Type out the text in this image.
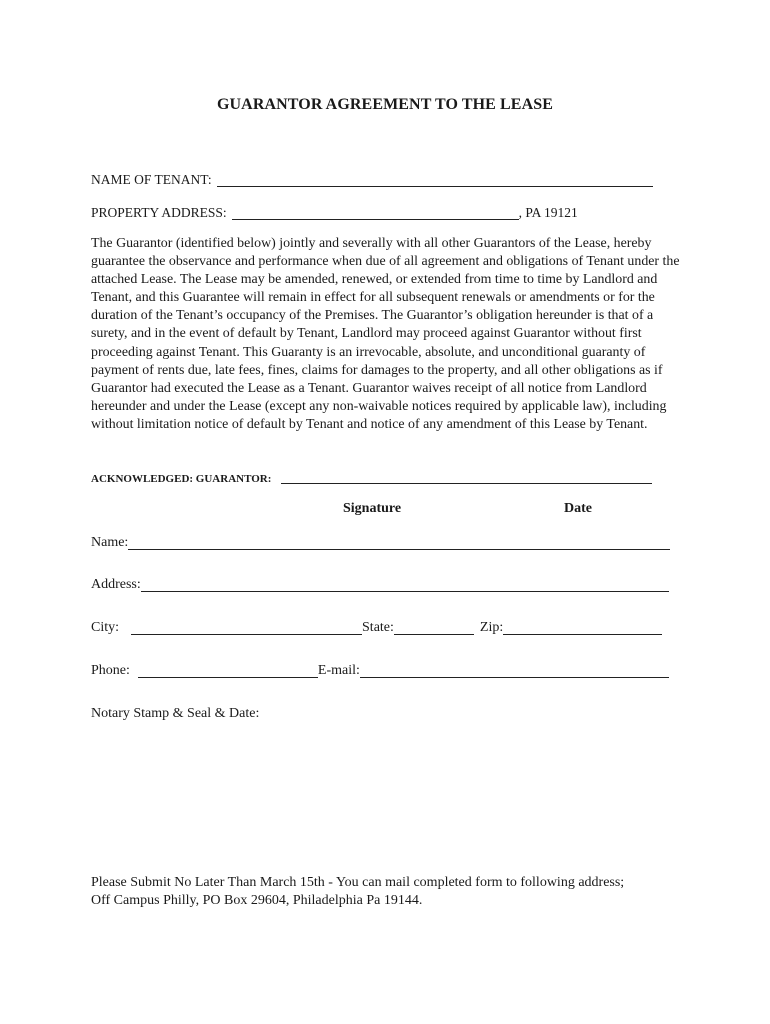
GUARANTOR AGREEMENT TO THE LEASE
NAME OF TENANT:
PROPERTY ADDRESS:	, PA 19121
The Guarantor (identified below) jointly and severally with all other Guarantors of the Lease, hereby guarantee the observance and performance when due of all agreement and obligations of Tenant under the attached Lease. The Lease may be amended, renewed, or extended from time to time by Landlord and Tenant, and this Guarantee will remain in effect for all subsequent renewals or amendments or for the duration of the Tenant’s occupancy of the Premises. The Guarantor’s obligation hereunder is that of a surety, and in the event of default by Tenant, Landlord may proceed against Guarantor without first proceeding against Tenant. This Guaranty is an irrevocable, absolute, and unconditional guaranty of payment of rents due, late fees, fines, claims for damages to the property, and all other obligations as if Guarantor had executed the Lease as a Tenant. Guarantor waives receipt of all notice from Landlord hereunder and under the Lease (except any non-waivable notices required by applicable law), including without limitation notice of default by Tenant and notice of any amendment of this Lease by Tenant.
ACKNOWLEDGED: GUARANTOR:
Signature	Date
Name:
Address:
City:	State:	Zip:
Phone:	E-mail:
Notary Stamp & Seal & Date:
Please Submit No Later Than March 15th - You can mail completed form to following address;
Off Campus Philly, PO Box 29604, Philadelphia Pa 19144.
